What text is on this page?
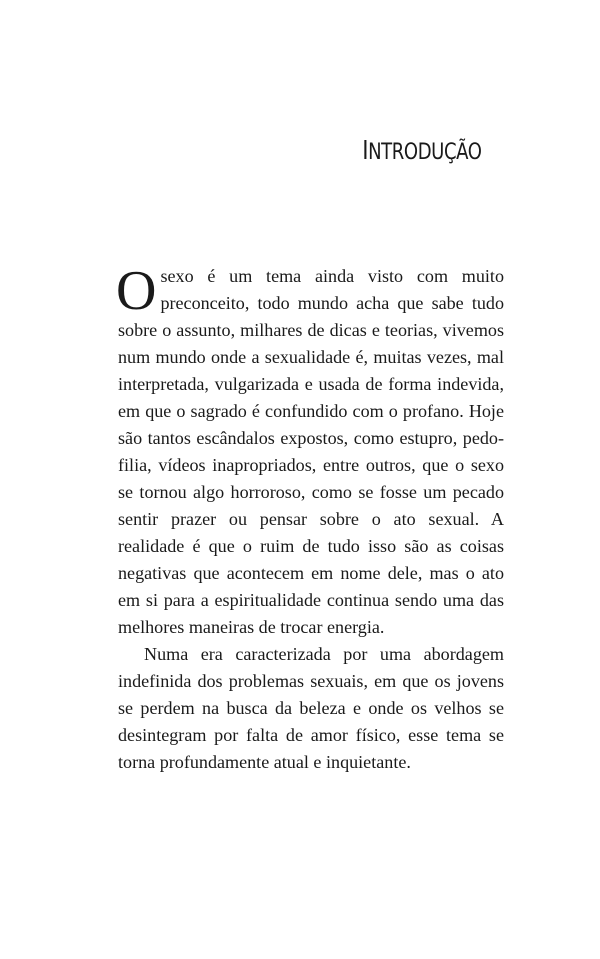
INTRODUÇÃO

Osexo é um tema ainda visto com muito preconceito, todo mundo acha que sabe tudo sobre o assunto, milhares de dicas e teorias, vivemos num mundo onde a sexualidade é, muitas vezes, mal interpretada, vulgarizada e usada de forma indevida, em que o sagrado é confundido com o profano. Hoje são tantos escândalos expostos, como estupro, pedofilia, vídeos inapropriados, entre outros, que o sexo se tornou algo horroroso, como se fosse um pecado sentir prazer ou pensar sobre o ato sexual. A realidade é que o ruim de tudo isso são as coisas negativas que acontecem em nome dele, mas o ato em si para a espiritualidade continua sendo uma das melhores maneiras de trocar energia.

Numa era caracterizada por uma abordagem indefinida dos problemas sexuais, em que os jovens se perdem na busca da beleza e onde os velhos se desintegram por falta de amor físico, esse tema se torna profundamente atual e inquietante.
